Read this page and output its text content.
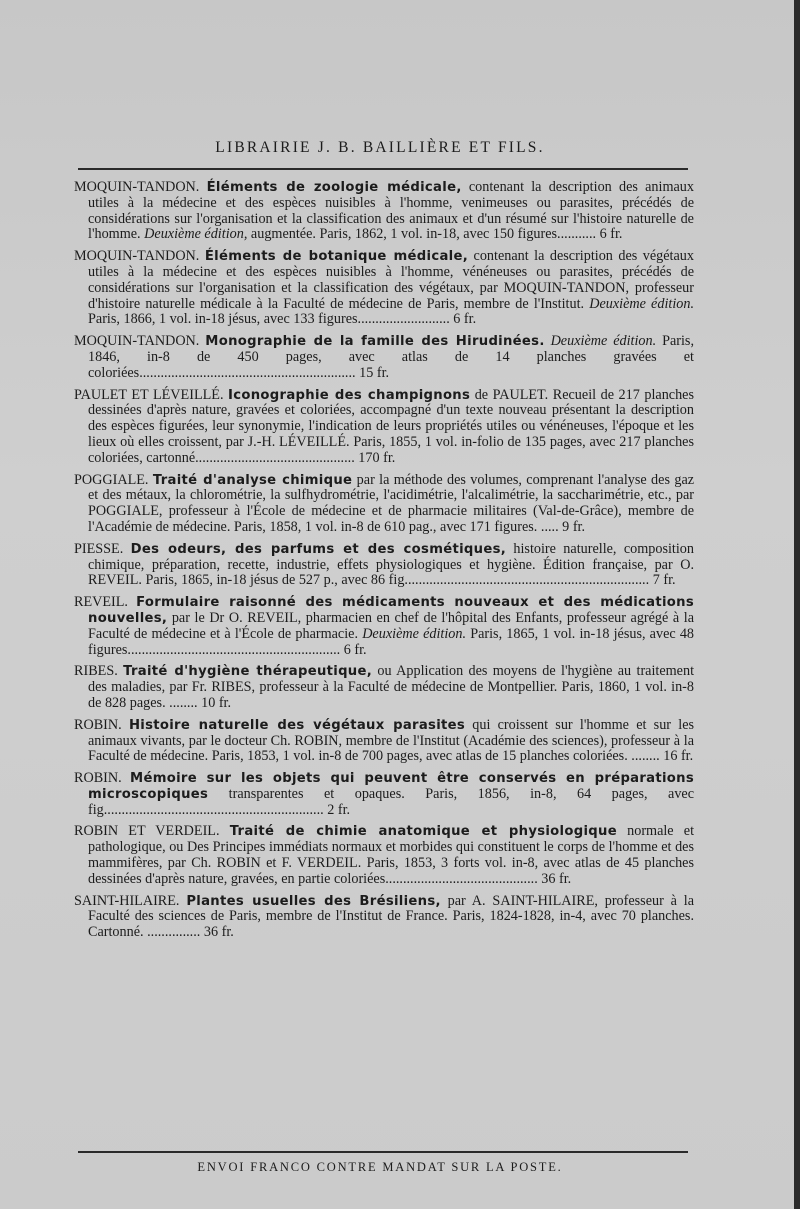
LIBRAIRIE J. B. BAILLIÈRE ET FILS.

MOQUIN-TANDON. Éléments de zoologie médicale, contenant la description des animaux utiles à la médecine et des espèces nuisibles à l'homme, venimeuses ou parasites, précédés de considérations sur l'organisation et la classification des animaux et d'un résumé sur l'histoire naturelle de l'homme. Deuxième édition, augmentée. Paris, 1862, 1 vol. in-18, avec 150 figures........... 6 fr.

MOQUIN-TANDON. Éléments de botanique médicale, contenant la description des végétaux utiles à la médecine et des espèces nuisibles à l'homme, vénéneuses ou parasites, précédés de considérations sur l'organisation et la classification des végétaux, par MOQUIN-TANDON, professeur d'histoire naturelle médicale à la Faculté de médecine de Paris, membre de l'Institut. Deuxième édition. Paris, 1866, 1 vol. in-18 jésus, avec 133 figures.......................... 6 fr.

MOQUIN-TANDON. Monographie de la famille des Hirudinées. Deuxième édition. Paris, 1846, in-8 de 450 pages, avec atlas de 14 planches gravées et coloriées............................................................. 15 fr.

PAULET ET LÉVEILLÉ. Iconographie des champignons de PAULET. Recueil de 217 planches dessinées d'après nature, gravées et coloriées, accompagné d'un texte nouveau présentant la description des espèces figurées, leur synonymie, l'indication de leurs propriétés utiles ou vénéneuses, l'époque et les lieux où elles croissent, par J.-H. LÉVEILLÉ. Paris, 1855, 1 vol. in-folio de 135 pages, avec 217 planches coloriées, cartonné............................................. 170 fr.

POGGIALE. Traité d'analyse chimique par la méthode des volumes, comprenant l'analyse des gaz et des métaux, la chlorométrie, la sulfhydrométrie, l'acidimétrie, l'alcalimétrie, la saccharimétrie, etc., par POGGIALE, professeur à l'École de médecine et de pharmacie militaires (Val-de-Grâce), membre de l'Académie de médecine. Paris, 1858, 1 vol. in-8 de 610 pag., avec 171 figures. ..... 9 fr.

PIESSE. Des odeurs, des parfums et des cosmétiques, histoire naturelle, composition chimique, préparation, recette, industrie, effets physiologiques et hygiène. Édition française, par O. REVEIL. Paris, 1865, in-18 jésus de 527 p., avec 86 fig..................................................................... 7 fr.

REVEIL. Formulaire raisonné des médicaments nouveaux et des médications nouvelles, par le Dr O. REVEIL, pharmacien en chef de l'hôpital des Enfants, professeur agrégé à la Faculté de médecine et à l'École de pharmacie. Deuxième édition. Paris, 1865, 1 vol. in-18 jésus, avec 48 figures............................................................ 6 fr.

RIBES. Traité d'hygiène thérapeutique, ou Application des moyens de l'hygiène au traitement des maladies, par Fr. RIBES, professeur à la Faculté de médecine de Montpellier. Paris, 1860, 1 vol. in-8 de 828 pages. ........ 10 fr.

ROBIN. Histoire naturelle des végétaux parasites qui croissent sur l'homme et sur les animaux vivants, par le docteur Ch. ROBIN, membre de l'Institut (Académie des sciences), professeur à la Faculté de médecine. Paris, 1853, 1 vol. in-8 de 700 pages, avec atlas de 15 planches coloriées. ........ 16 fr.

ROBIN. Mémoire sur les objets qui peuvent être conservés en préparations microscopiques transparentes et opaques. Paris, 1856, in-8, 64 pages, avec fig.............................................................. 2 fr.

ROBIN ET VERDEIL. Traité de chimie anatomique et physiologique normale et pathologique, ou Des Principes immédiats normaux et morbides qui constituent le corps de l'homme et des mammifères, par Ch. ROBIN et F. VERDEIL. Paris, 1853, 3 forts vol. in-8, avec atlas de 45 planches dessinées d'après nature, gravées, en partie coloriées........................................... 36 fr.

SAINT-HILAIRE. Plantes usuelles des Brésiliens, par A. SAINT-HILAIRE, professeur à la Faculté des sciences de Paris, membre de l'Institut de France. Paris, 1824-1828, in-4, avec 70 planches. Cartonné. ............... 36 fr.

ENVOI FRANCO CONTRE MANDAT SUR LA POSTE.
